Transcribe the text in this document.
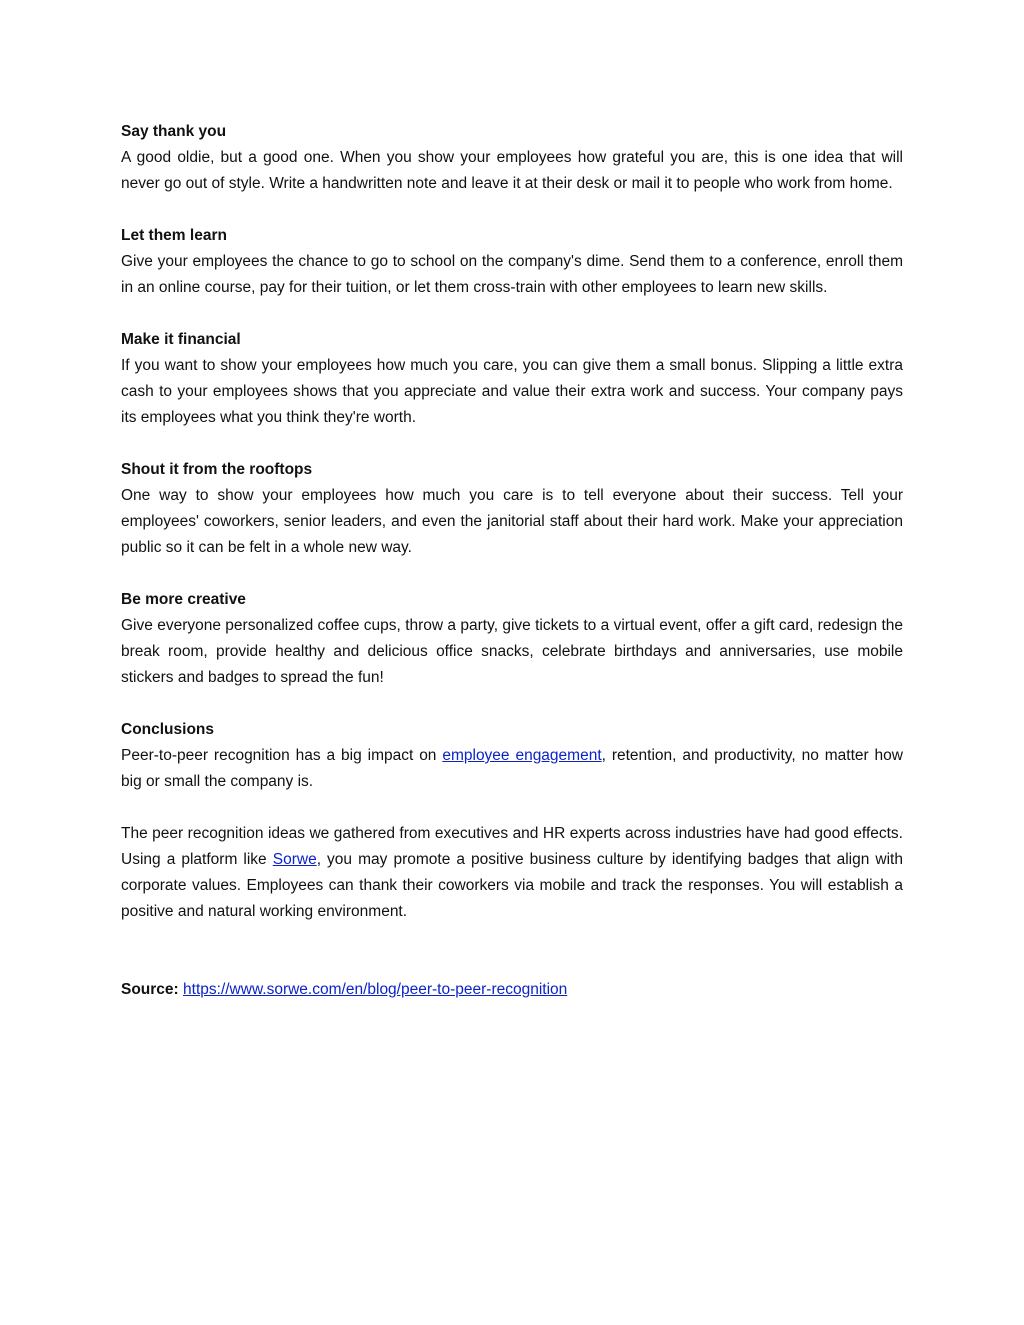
Say thank you

A good oldie, but a good one. When you show your employees how grateful you are, this is one idea that will never go out of style. Write a handwritten note and leave it at their desk or mail it to people who work from home.

Let them learn

Give your employees the chance to go to school on the company's dime. Send them to a conference, enroll them in an online course, pay for their tuition, or let them cross-train with other employees to learn new skills.

Make it financial

If you want to show your employees how much you care, you can give them a small bonus. Slipping a little extra cash to your employees shows that you appreciate and value their extra work and success. Your company pays its employees what you think they're worth.

Shout it from the rooftops

One way to show your employees how much you care is to tell everyone about their success. Tell your employees' coworkers, senior leaders, and even the janitorial staff about their hard work. Make your appreciation public so it can be felt in a whole new way.

Be more creative

Give everyone personalized coffee cups, throw a party, give tickets to a virtual event, offer a gift card, redesign the break room, provide healthy and delicious office snacks, celebrate birthdays and anniversaries, use mobile stickers and badges to spread the fun!

Conclusions

Peer-to-peer recognition has a big impact on employee engagement, retention, and productivity, no matter how big or small the company is.

The peer recognition ideas we gathered from executives and HR experts across industries have had good effects. Using a platform like Sorwe, you may promote a positive business culture by identifying badges that align with corporate values. Employees can thank their coworkers via mobile and track the responses. You will establish a positive and natural working environment.

Source: https://www.sorwe.com/en/blog/peer-to-peer-recognition
